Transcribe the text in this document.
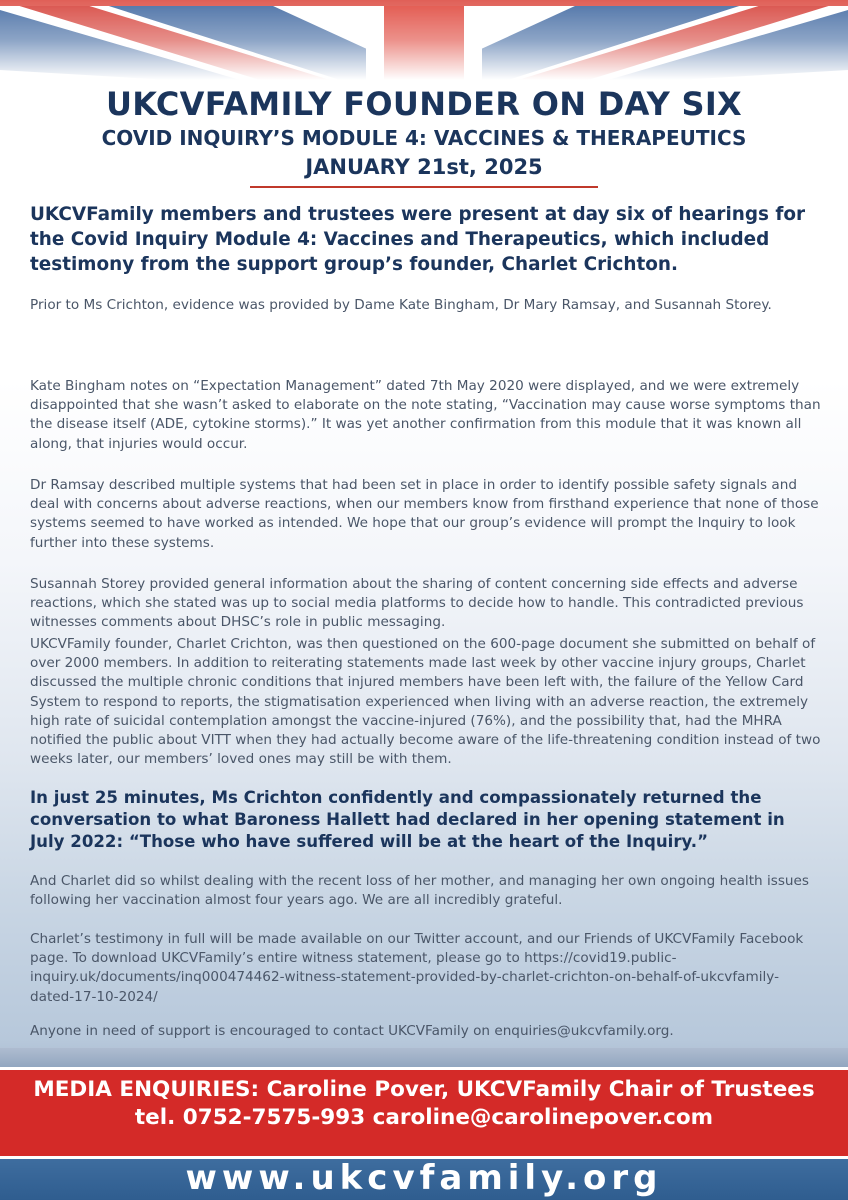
UKCVFAMILY FOUNDER ON DAY SIX
COVID INQUIRY’S MODULE 4: VACCINES & THERAPEUTICS
JANUARY 21st, 2025

UKCVFamily members and trustees were present at day six of hearings for the Covid Inquiry Module 4: Vaccines and Therapeutics, which included testimony from the support group’s founder, Charlet Crichton.

Prior to Ms Crichton, evidence was provided by Dame Kate Bingham, Dr Mary Ramsay, and Susannah Storey.

Kate Bingham notes on “Expectation Management” dated 7th May 2020 were displayed, and we were extremely disappointed that she wasn’t asked to elaborate on the note stating, “Vaccination may cause worse symptoms than the disease itself (ADE, cytokine storms).” It was yet another confirmation from this module that it was known all along, that injuries would occur.

Dr Ramsay described multiple systems that had been set in place in order to identify possible safety signals and deal with concerns about adverse reactions, when our members know from firsthand experience that none of those systems seemed to have worked as intended. We hope that our group’s evidence will prompt the Inquiry to look further into these systems.

Susannah Storey provided general information about the sharing of content concerning side effects and adverse reactions, which she stated was up to social media platforms to decide how to handle. This contradicted previous witnesses comments about DHSC’s role in public messaging.

UKCVFamily founder, Charlet Crichton, was then questioned on the 600-page document she submitted on behalf of over 2000 members. In addition to reiterating statements made last week by other vaccine injury groups, Charlet discussed the multiple chronic conditions that injured members have been left with, the failure of the Yellow Card System to respond to reports, the stigmatisation experienced when living with an adverse reaction, the extremely high rate of suicidal contemplation amongst the vaccine-injured (76%), and the possibility that, had the MHRA notified the public about VITT when they had actually become aware of the life-threatening condition instead of two weeks later, our members’ loved ones may still be with them.

In just 25 minutes, Ms Crichton confidently and compassionately returned the conversation to what Baroness Hallett had declared in her opening statement in July 2022: “Those who have suffered will be at the heart of the Inquiry.”

And Charlet did so whilst dealing with the recent loss of her mother, and managing her own ongoing health issues following her vaccination almost four years ago. We are all incredibly grateful.

Charlet’s testimony in full will be made available on our Twitter account, and our Friends of UKCVFamily Facebook page. To download UKCVFamily’s entire witness statement, please go to https://covid19.public-inquiry.uk/documents/inq000474462-witness-statement-provided-by-charlet-crichton-on-behalf-of-ukcvfamily-dated-17-10-2024/

Anyone in need of support is encouraged to contact UKCVFamily on enquiries@ukcvfamily.org.

MEDIA ENQUIRIES: Caroline Pover, UKCVFamily Chair of Trustees
tel. 0752-7575-993 caroline@carolinepover.com
www.ukcvfamily.org
